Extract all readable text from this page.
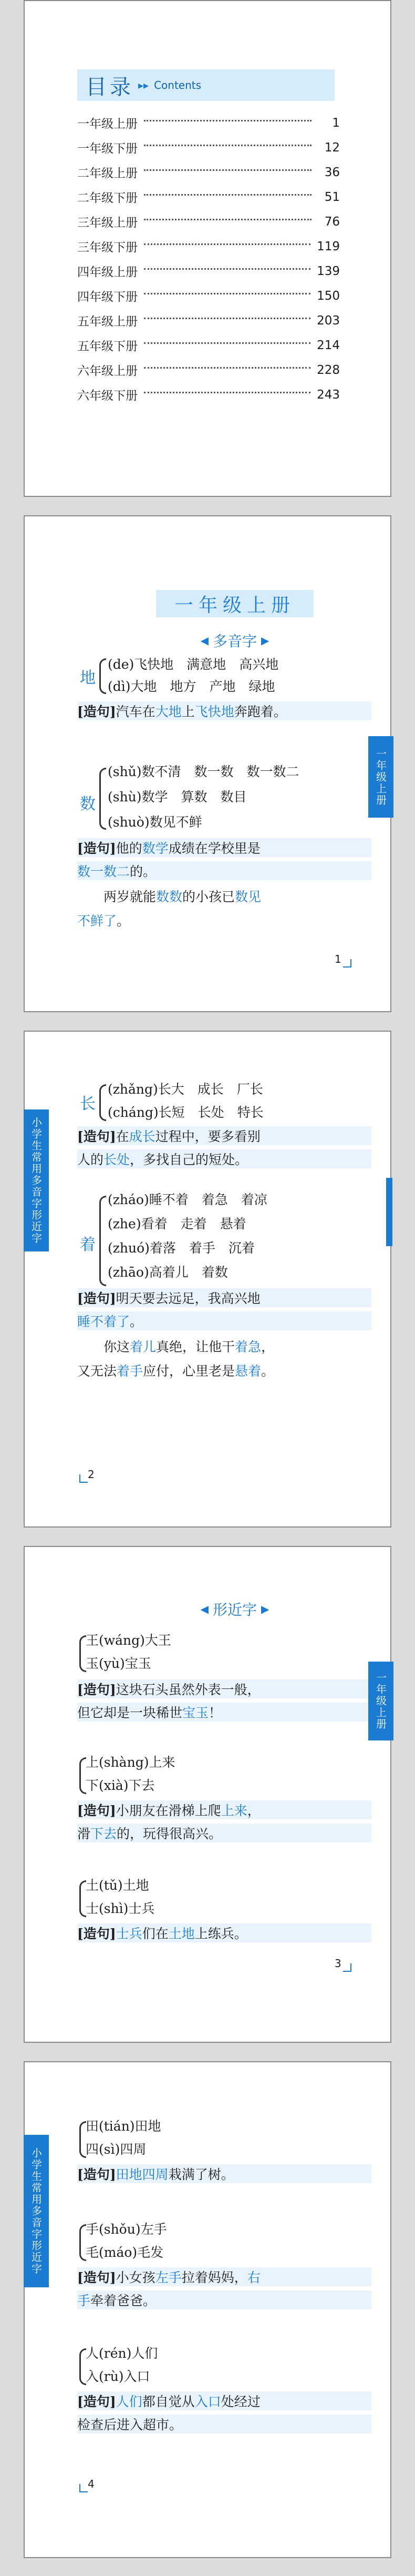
目录 ▸▸ Contents
一年级上册	1
一年级下册	12
二年级上册	36
二年级下册	51
三年级上册	76
三年级下册	119
四年级上册	139
四年级下册	150
五年级上册	203
五年级下册	214
六年级上册	228
六年级下册	243
一年级上册
◀ 多音字 ▶
地
(de)飞快地　满意地　高兴地
(dì)大地　地方　产地　绿地
[造句]汽车在大地上飞快地奔跑着。
数
(shǔ)数不清　数一数　数一数二
(shù)数学　算数　数目
(shuò)数见不鲜
[造句]他的数学成绩在学校里是
数一数二的。
两岁就能数数的小孩已数见
不鲜了。
1
一年级上册
长
(zhǎng)长大　成长　厂长
(cháng)长短　长处　特长
[造句]在成长过程中，要多看别
人的长处，多找自己的短处。
着
(zháo)睡不着　着急　着凉
(zhe)看着　走着　悬着
(zhuó)着落　着手　沉着
(zhāo)高着儿　着数
[造句]明天要去远足，我高兴地
睡不着了。
你这着儿真绝，让他干着急，
又无法着手应付，心里老是悬着。
2
小学生常用多音字形近字
◀ 形近字 ▶
王(wáng)大王
玉(yù)宝玉
[造句]这块石头虽然外表一般，
但它却是一块稀世宝玉！
上(shàng)上来
下(xià)下去
[造句]小朋友在滑梯上爬上来，
滑下去的，玩得很高兴。
土(tǔ)土地
士(shì)士兵
[造句]士兵们在土地上练兵。
3
一年级上册
田(tián)田地
四(sì)四周
[造句]田地四周栽满了树。
手(shǒu)左手
毛(máo)毛发
[造句]小女孩左手拉着妈妈，右
手牵着爸爸。
人(rén)人们
入(rù)入口
[造句]人们都自觉从入口处经过
检查后进入超市。
4
小学生常用多音字形近字
